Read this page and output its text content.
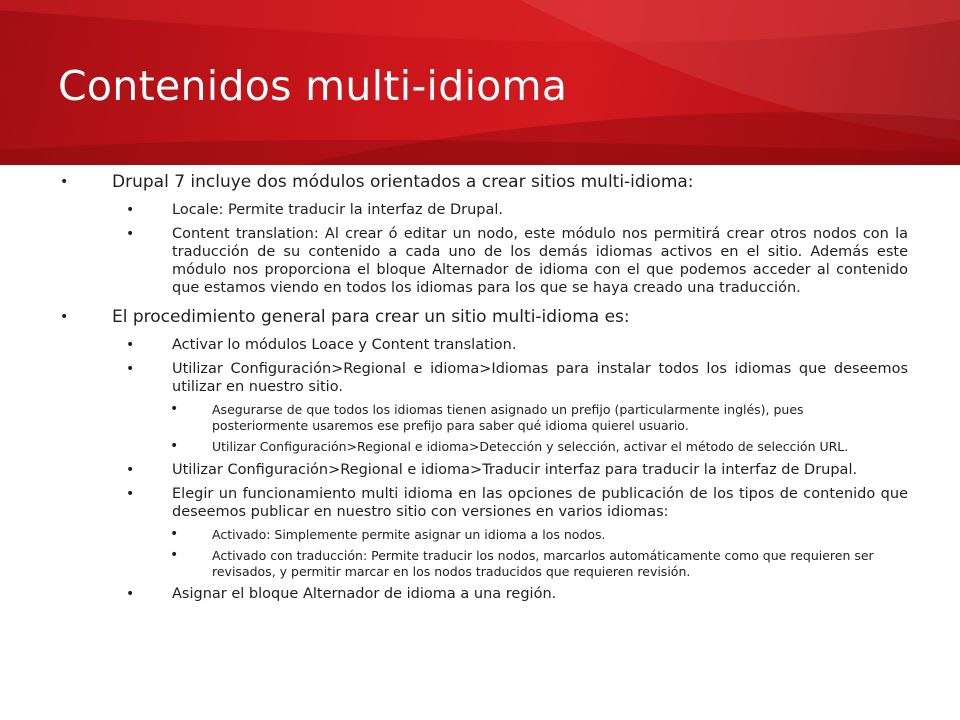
Contenidos multi-idioma

•	Drupal 7 incluye dos módulos orientados a crear sitios multi-idioma:

•	Locale: Permite traducir la interfaz de Drupal.

•	Content translation: Al crear ó editar un nodo, este módulo nos permitirá crear otros nodos con la traducción de su contenido a cada uno de los demás idiomas activos en el sitio. Además este módulo nos proporciona el bloque Alternador de idioma con el que podemos acceder al contenido que estamos viendo en todos los idiomas para los que se haya creado una traducción.

•	El procedimiento general para crear un sitio multi-idioma es:

•	Activar lo módulos Loace y Content translation.

•	Utilizar Configuración>Regional e idioma>Idiomas para instalar todos los idiomas que deseemos utilizar en nuestro sitio.

•	Asegurarse de que todos los idiomas tienen asignado un prefijo (particularmente inglés), pues posteriormente usaremos ese prefijo para saber qué idioma quierel usuario.

•	Utilizar Configuración>Regional e idioma>Detección y selección, activar el método de selección URL.

•	Utilizar Configuración>Regional e idioma>Traducir interfaz para traducir la interfaz de Drupal.

•	Elegir un funcionamiento multi idioma en las opciones de publicación de los tipos de contenido que deseemos publicar en nuestro sitio con versiones en varios idiomas:

•	Activado: Simplemente permite asignar un idioma a los nodos.

•	Activado con traducción: Permite traducir los nodos, marcarlos automáticamente como que requieren ser revisados, y permitir marcar en los nodos traducidos que requieren revisión.

•	Asignar el bloque Alternador de idioma a una región.
